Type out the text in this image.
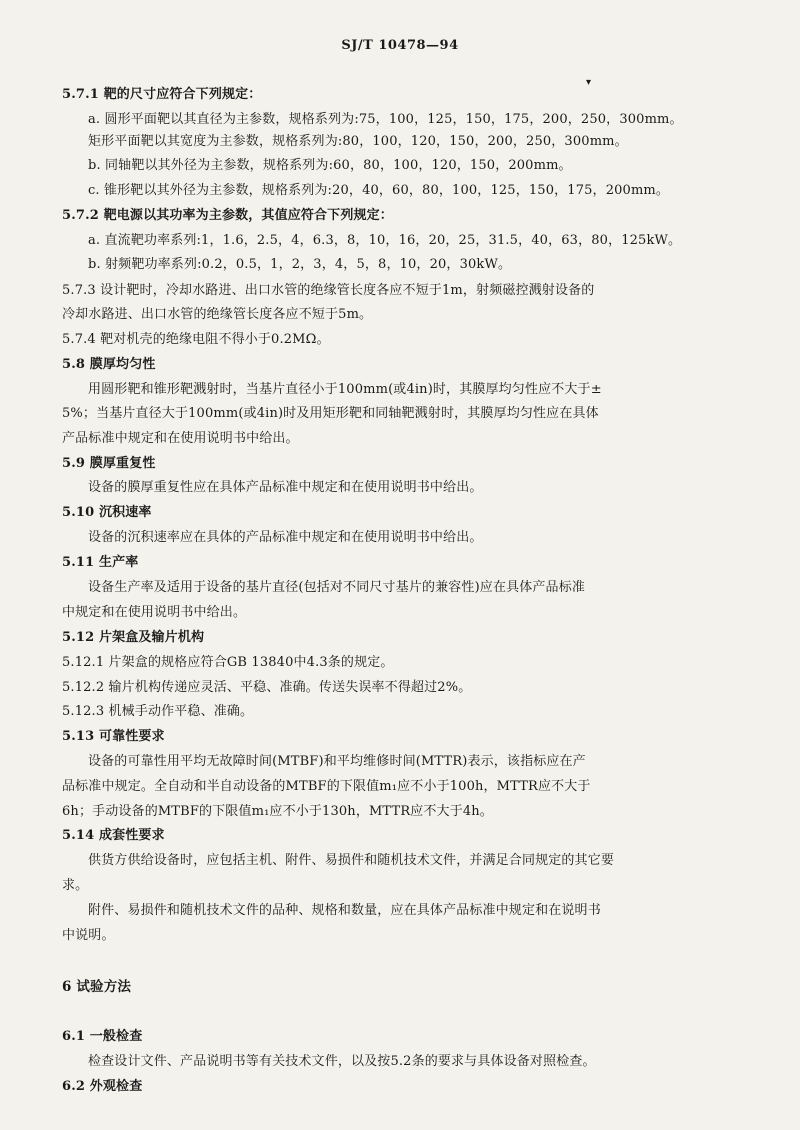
SJ/T 10478—94
▾
5.7.1 靶的尺寸应符合下列规定：
a. 圆形平面靶以其直径为主参数，规格系列为:75，100，125，150，175，200，250，300mm。
矩形平面靶以其宽度为主参数，规格系列为:80，100，120，150，200，250，300mm。
b. 同轴靶以其外径为主参数，规格系列为:60，80，100，120，150，200mm。
c. 锥形靶以其外径为主参数，规格系列为:20，40，60，80，100，125，150，175，200mm。
5.7.2 靶电源以其功率为主参数，其值应符合下列规定：
a. 直流靶功率系列:1，1.6，2.5，4，6.3，8，10，16，20，25，31.5，40，63，80，125kW。
b. 射频靶功率系列:0.2，0.5，1，2，3，4，5，8，10，20，30kW。
5.7.3 设计靶时，冷却水路进、出口水管的绝缘管长度各应不短于1m，射频磁控溅射设备的
冷却水路进、出口水管的绝缘管长度各应不短于5m。
5.7.4 靶对机壳的绝缘电阻不得小于0.2MΩ。
5.8 膜厚均匀性
用圆形靶和锥形靶溅射时，当基片直径小于100mm(或4in)时，其膜厚均匀性应不大于±
5%；当基片直径大于100mm(或4in)时及用矩形靶和同轴靶溅射时，其膜厚均匀性应在具体
产品标准中规定和在使用说明书中给出。
5.9 膜厚重复性
设备的膜厚重复性应在具体产品标准中规定和在使用说明书中给出。
5.10 沉积速率
设备的沉积速率应在具体的产品标准中规定和在使用说明书中给出。
5.11 生产率
设备生产率及适用于设备的基片直径(包括对不同尺寸基片的兼容性)应在具体产品标准
中规定和在使用说明书中给出。
5.12 片架盒及输片机构
5.12.1 片架盒的规格应符合GB 13840中4.3条的规定。
5.12.2 输片机构传递应灵活、平稳、准确。传送失误率不得超过2%。
5.12.3 机械手动作平稳、准确。
5.13 可靠性要求
设备的可靠性用平均无故障时间(MTBF)和平均维修时间(MTTR)表示，该指标应在产
品标准中规定。全自动和半自动设备的MTBF的下限值m₁应不小于100h，MTTR应不大于
6h；手动设备的MTBF的下限值m₁应不小于130h，MTTR应不大于4h。
5.14 成套性要求
供货方供给设备时，应包括主机、附件、易损件和随机技术文件，并满足合同规定的其它要
求。
附件、易损件和随机技术文件的品种、规格和数量，应在具体产品标准中规定和在说明书
中说明。
6 试验方法
6.1 一般检查
检查设计文件、产品说明书等有关技术文件，以及按5.2条的要求与具体设备对照检查。
6.2 外观检查
